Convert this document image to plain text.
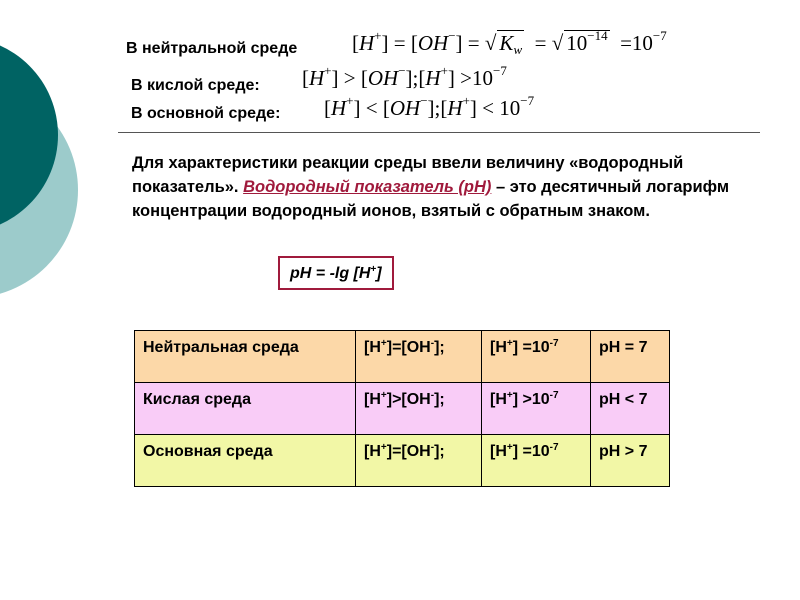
В нейтральной среде	[H+] = [OH−] = √ $K_w$ = √ $10^{-14} =10^{-7}$
В кислой среде: [H+] > [OH−];[H+] $>10^{-7}$
В основной среде: [H+] < [OH−];[H+] < $10^{-7}$
Для характеристики реакции среды ввели величину «водородный показатель». Водородный показатель (рН) – это десятичный логарифм концентрации водородный ионов, взятый с обратным знаком.
pH = -lg [H+]
Нейтральная среда	[H+]=[OH-];	$[H^+] =10^{-7}$	pH = 7
Кислая среда	[H+]>[OH-];	$[H^+] >10^{-7}$	pH < 7
Основная среда	[H+]=[OH-];	$[H^+] =10^{-7}$	pH > 7
